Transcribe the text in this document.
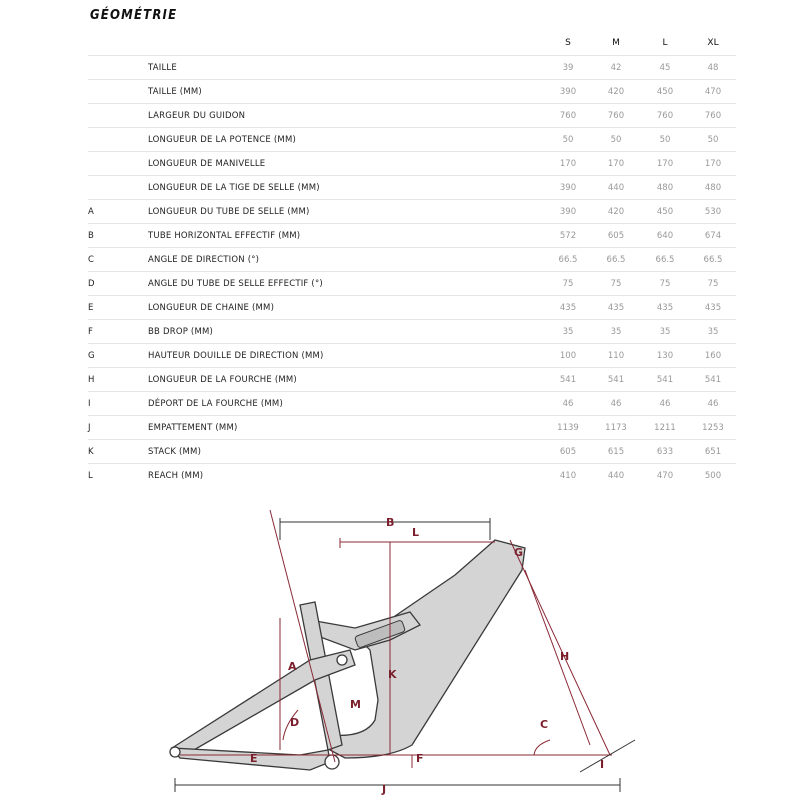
GÉOMÉTRIE
S	M	L	XL
TAILLE	39	42	45	48
TAILLE (MM)	390	420	450	470
LARGEUR DU GUIDON	760	760	760	760
LONGUEUR DE LA POTENCE (MM)	50	50	50	50
LONGUEUR DE MANIVELLE	170	170	170	170
LONGUEUR DE LA TIGE DE SELLE (MM)	390	440	480	480
A	LONGUEUR DU TUBE DE SELLE (MM)	390	420	450	530
B	TUBE HORIZONTAL EFFECTIF (MM)	572	605	640	674
C	ANGLE DE DIRECTION (°)	66.5	66.5	66.5	66.5
D	ANGLE DU TUBE DE SELLE EFFECTIF (°)	75	75	75	75
E	LONGUEUR DE CHAINE (MM)	435	435	435	435
F	BB DROP (MM)	35	35	35	35
G	HAUTEUR DOUILLE DE DIRECTION (MM)	100	110	130	160
H	LONGUEUR DE LA FOURCHE (MM)	541	541	541	541
I	DÉPORT DE LA FOURCHE (MM)	46	46	46	46
J	EMPATTEMENT (MM)	1139	1173	1211	1253
K	STACK (MM)	605	615	633	651
L	REACH (MM)	410	440	470	500
B
L
G
A
K
M
H
D	C
E	F	I
J
